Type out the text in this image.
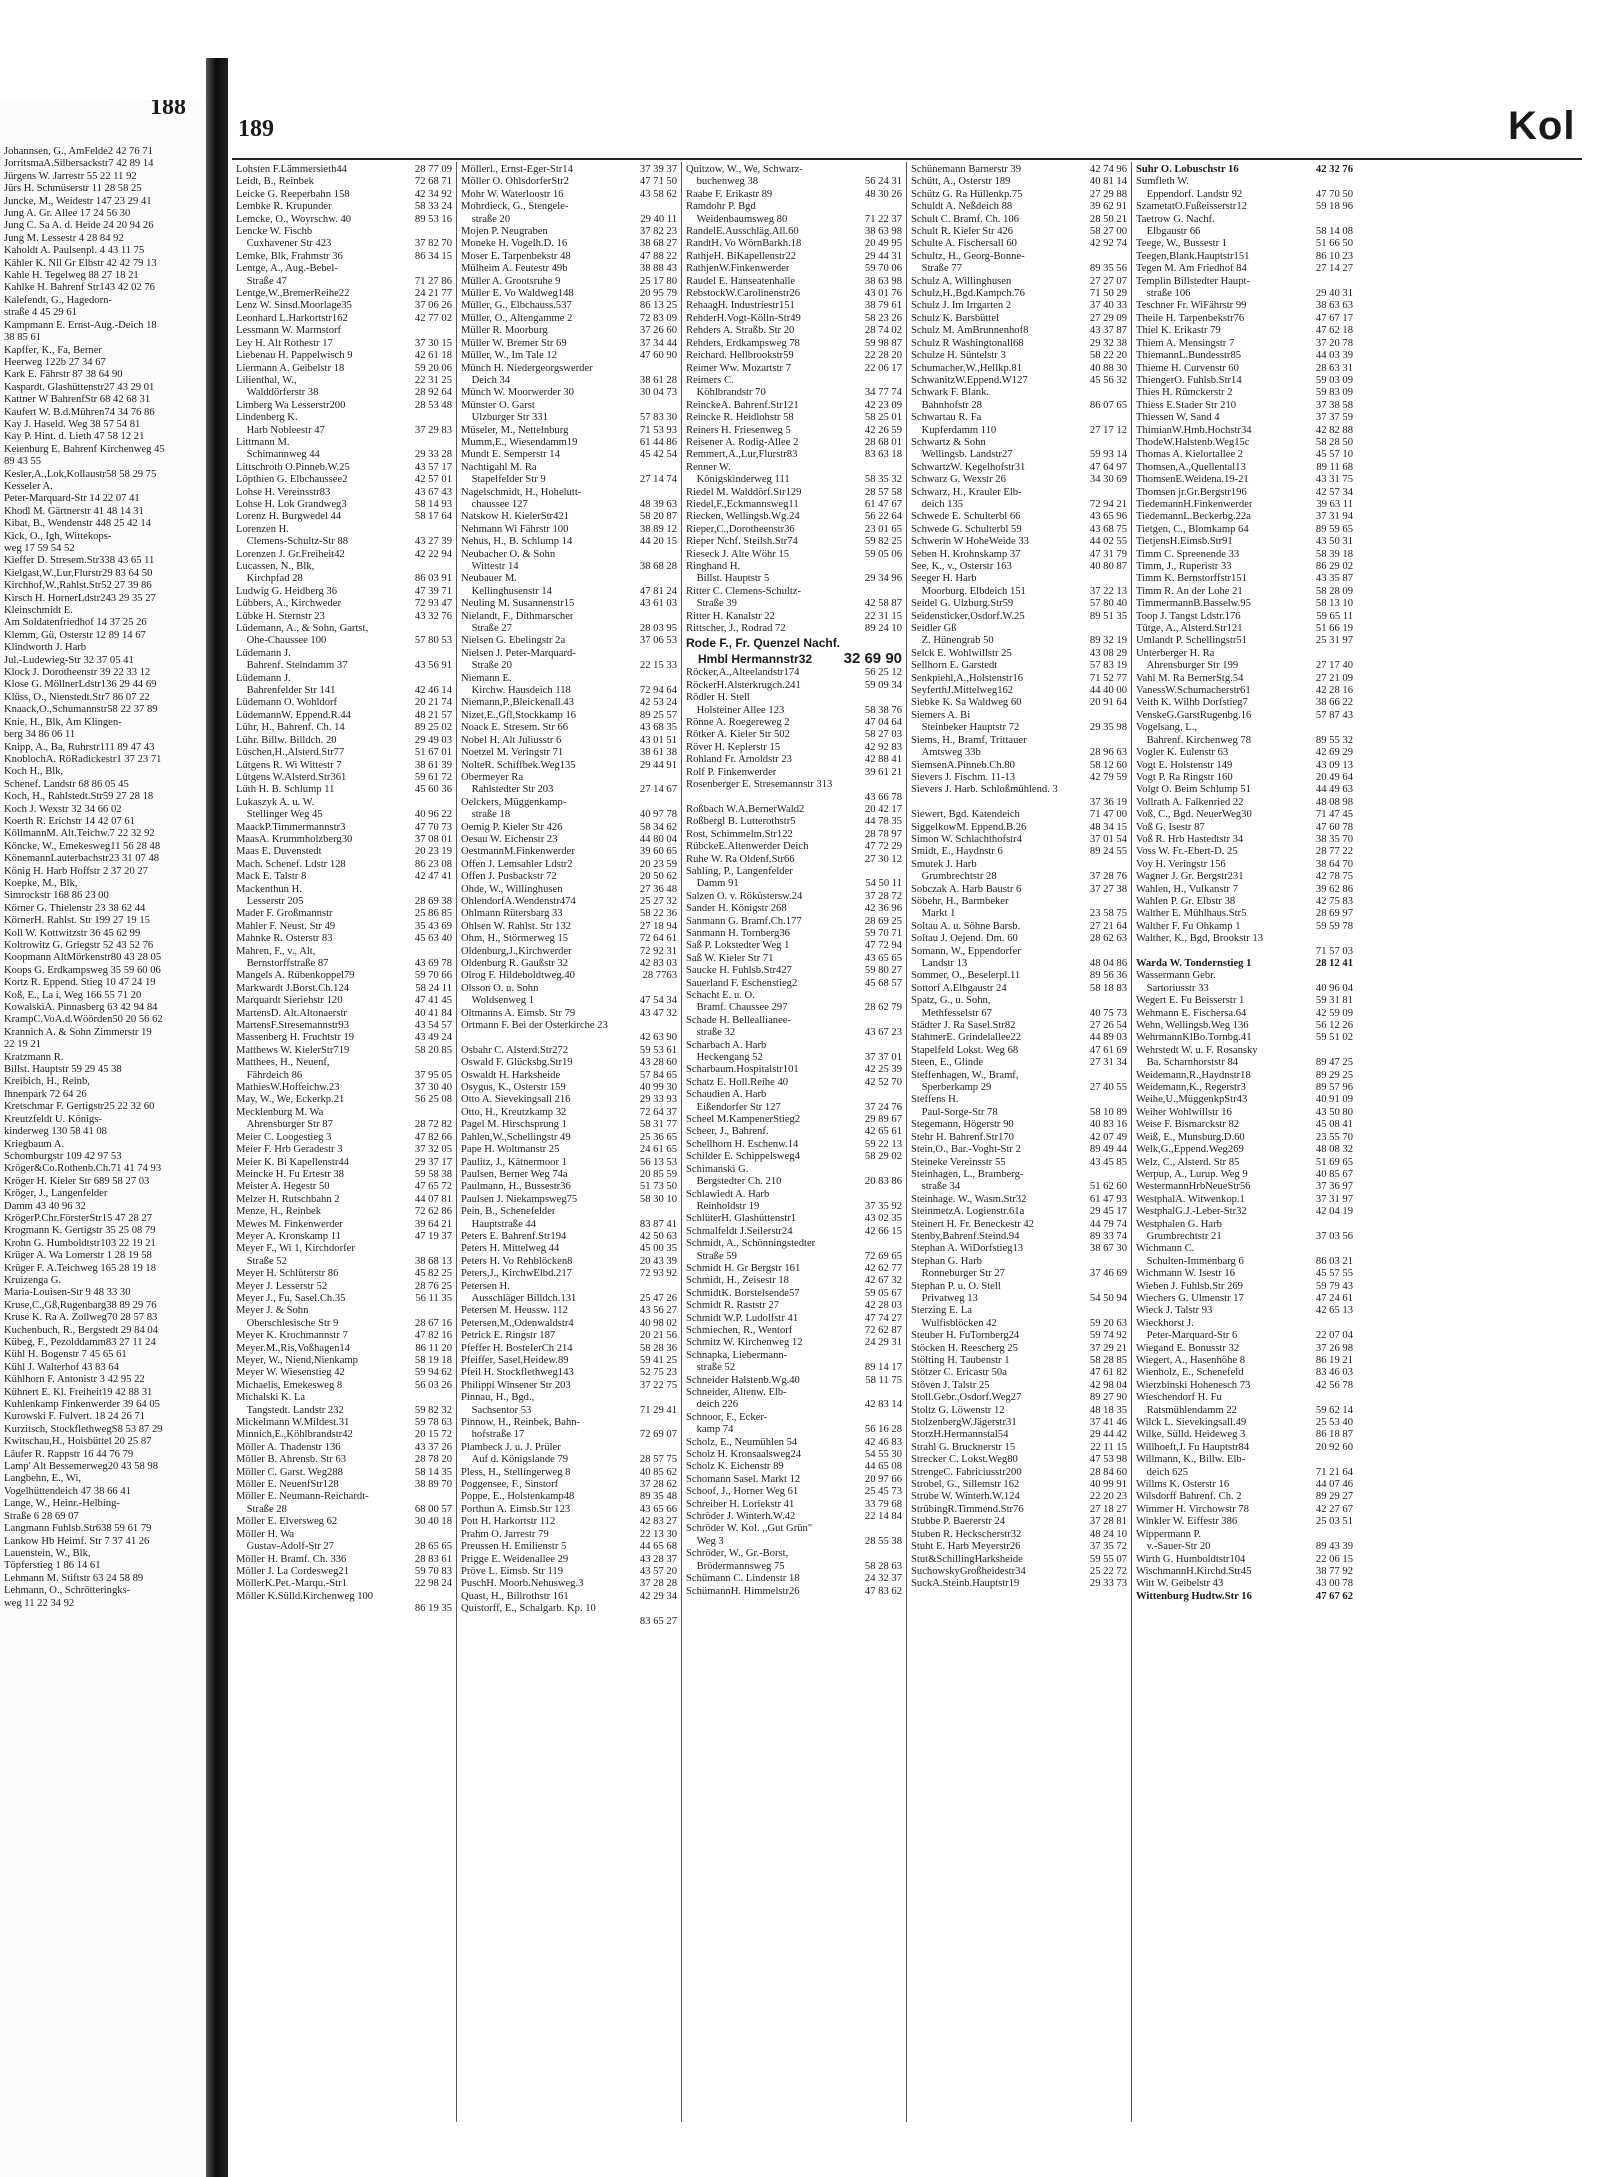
188
Johannsen, G., AmFelde2 42 76 71
JorritsmaA.Silbersackstr7 42 89 14
Jürgens W. Jarrestr 55 22 11 92
Jürs H. Schmüserstr 11 28 58 25
Juncke, M., Weidestr 147 23 29 41
Jung A. Gr. Allee 17 24 56 30
Jung C. Sa A. d. Heide 24 20 94 26
Jung M. Lessestr 4 28 84 92
Kaholdt A. Paulsenpl. 4 43 11 75
Kähler K. Nll Gr Elbstr 42 42 79 13
Kahle H. Tegelweg 88 27 18 21
Kahlke H. Bahrenf Str143 42 02 76
Kalefendt, G., Hagedorn-
straße 4 45 29 61
Kampmann E. Ernst-Aug.-Deich 18
38 85 61
Kapffer, K., Fa, Berner
Heerweg 122b 27 34 67
Kark E. Fährstr 87 38 64 90
Kaspardt. Glashüttenstr27 43 29 01
Kattner W BahrenfStr 68 42 68 31
Kaufert W. B.d.Mühren74 34 76 86
Kay J. Haseld. Weg 38 57 54 81
Kay P. Hint. d. Lieth 47 58 12 21
Keienburg E. Bahrenf Kirchenweg 45
89 43 55
Kesler,A.,Lok,Kollaustr58 58 29 75
Kesseler A.
Peter-Marquard-Str 14 22 07 41
Khodl M. Gärtnerstr 41 48 14 31
Kibat, B., Wendenstr 448 25 42 14
Kick, O., Igh, Wittekops-
weg 17 59 54 52
Kieffer D. Stresem.Str338 43 65 11
Kielgast,W.,Lur,Flurstr29 83 64 50
Kirchhof,W.,Rahlst.Str52 27 39 86
Kirsch H. HornerLdstr243 29 35 27
Kleinschmidt E.
Am Soldatenfriedhof 14 37 25 26
Klemm, Gü, Osterstr 12 89 14 67
Klindworth J. Harb
Jul.-Ludewieg-Str 32 37 05 41
Klock J. Dorotheenstr 39 22 33 12
Klose G. MöllnerLdstr136 29 44 69
Klüss, O., Nienstedt.Str7 86 07 22
Knaack,O.,Schumannstr58 22 37 89
Knie, H., Blk, Am Klingen-
berg 34 86 06 11
Knipp, A., Ba, Ruhrstr111 89 47 43
KnoblochA. RöRadickestr1 37 23 71
Koch H., Blk,
Schenef. Landstr 68 86 05 45
Koch, H., Rahlstedt.Str59 27 28 18
Koch J. Wexstr 32 34 66 02
Koerth R. Erichstr 14 42 07 61
KöllmannM. Alt.Teichw.7 22 32 92
Köncke, W., Emekesweg11 56 28 48
KönemannLauterbachstr23 31 07 48
König H. Harb Hoffstr 2 37 20 27
Koepke, M., Blk,
Simrockstr 168 86 23 00
Körner G. Thielenstr 23 38 62 44
KörnerH. Rahlst. Str 199 27 19 15
Koll W. Kottwitzstr 36 45 62 99
Koltrowitz G. Griegstr 52 43 52 76
Koopmann AltMörkenstr80 43 28 05
Koops G. Erdkampsweg 35 59 60 06
Kortz R. Eppend. Stieg 10 47 24 19
Koß, E., La i, Weg 166 55 71 20
KowalskiA. Pinnasberg 63 42 94 84
KrampC.VoA.d.Wöörden50 20 56 62
Krannich A. & Sohn Zimmerstr 19
22 19 21
Kratzmann R.
Billst. Hauptstr 59 29 45 38
Kreibich, H., Reinb,
Ihnenpark 72 64 26
Kretschmar F. Gertigstr25 22 32 60
Kreutzfeldt U. Königs-
kinderweg 130 58 41 08
Kriegbaum A.
Schomburgstr 109 42 97 53
Kröger&Co.Rothenb.Ch.71 41 74 93
Kröger H. Kieler Str 689 58 27 03
Kröger, J., Langenfelder
Damm 43 40 96 32
KrögerP.Chr.FörsterStr15 47 28 27
Krogmann K. Gertigstr 35 25 08 79
Krohn G. Humboldtstr103 22 19 21
Krüger A. Wa Lomerstr 1 28 19 58
Krüger F. A.Teichweg 165 28 19 18
Kruizenga G.
Maria-Louisen-Str 9 48 33 30
Kruse,C.,Gß,Rugenbarg38 89 29 76
Kruse K. Ra A. Zollweg70 28 57 83
Kuchenbuch, R., Bergstedt 29 84 04
Kübeg, F., Pezolddamm83 27 11 24
Kühl H. Bogenstr 7 45 65 61
Kühl J. Walterhof 43 83 64
Kühlhorn F. Antonistr 3 42 95 22
Kühnert E. Kl. Freiheit19 42 88 31
Kuhlenkamp Finkenwerder 39 64 05
Kurowski F. Fulvert. 18 24 26 71
Kurzitsch, StockflethwegS8 53 87 29
Kwitschau,H., Hoisbüttel 20 25 87
Läufer R. Rappstr 16 44 76 79
Lamp' Alt Bessemerweg20 43 58 98
Langbehn, E., Wi,
Vogelhüttendeich 47 38 66 41
Lange, W., Heinr.-Helbing-
Straße 6 28 69 07
Langmann Fuhlsb.Str638 59 61 79
Lankow Hb Heimf. Str 7 37 41 26
Lauenstein, W., Blk,
Töpferstieg 1 86 14 61
Lehmann M. Stiftstr 63 24 58 89
Lehmann, O., Schrötteringks-
weg 11 22 34 92
189	Kol
Lohsten F.Lämmersieth44	28 77 09
Leidt, B., Reinbek	72 68 71
Leicke G. Reeperbahn 158	42 34 92
Lembke R. Krupunder	58 33 24
Lemcke, O., Woyrschw. 40	89 53 16
Lencke W. Fischb
 Cuxhavener Str 423	37 82 70
Lemke, Blk, Frahmstr 36	86 34 15
Lentge, A., Aug.-Bebel-
 Straße 47	71 27 86
Lentge,W.,BremerReihe22	24 21 77
Lenz W. Sinsd.Moorlage35	37 06 26
Leonhard L.Harkortstr162	42 77 02
Lessmann W. Marmstorf
Ley H. Alt Rothestr 17	37 30 15
Liebenau H. Pappelwisch 9	42 61 18
Liermann A. Geibelstr 18	59 20 06
Lilienthal, W.,	22 31 25
 Walddörferstr 38	28 92 64
Limberg Wa Lesserstr200	28 53 48
Lindenberg K.
 Harb Nobleestr 47	37 29 83
Littmann M.
 Schimannweg 44	29 33 28
Littschroth O.Pinneb.W.25	43 57 17
Löpthien G. Elbchaussee2	42 57 01
Lohse H. Vereinsstr83	43 67 43
Lohse H. Lok Grandweg3	58 14 93
Lorenz H. Burgwedel 44	58 17 64
Lorenzen H.
 Clemens-Schultz-Str 88	43 27 39
Lorenzen J. Gr.Freiheit42	42 22 94
Lucassen, N., Blk,
 Kirchpfad 28	86 03 91
Ludwig G. Heidberg 36	47 39 71
Lübbers, A., Kirchweder	72 93 47
Lübke H. Sternstr 23	43 32 76
Lüdemann, A., & Sohn, Gartst,
 Ohe-Chaussee 100	57 80 53
Lüdemann J.
 Bahrenf. Steindamm 37	43 56 91
Lüdemann J.
 Bahrenfelder Str 141	42 46 14
Lüdemann O. Wohldorf	20 21 74
LüdemannW. Eppend.R.44	48 21 57
Lühr, H., Bahrenf. Ch. 14	89 25 02
Lühr. Billw. Billdch. 20	29 49 03
Lüschen,H.,Alsterd.Str77	51 67 01
Lütgens R. Wi Wittestr 7	38 61 39
Lütgens W.Alsterd.Str361	59 61 72
Lüth H. B. Schlump 11	45 60 36
Lukaszyk A. u. W.
 Stellinger Weg 45	40 96 22
MaackP.Timmermannstr3	47 70 73
MaasA. Krummholzberg30	37 08 01
Maas E. Duvenstedt	20 23 19
Mach. Schenef. Ldstr 128	86 23 08
Mack E. Talstr 8	42 47 41
Mackenthun H.
 Lesserstr 205	28 69 38
Mader F. Großmannstr	25 86 85
Mahler F. Neust. Str 49	35 43 69
Mahnke R. Osterstr 83	45 63 40
Mahren, F., v., Alt,
 Bernstorffstraße 87	43 69 78
Mangels A. Rübenkoppel79	59 70 66
Markwardt J.Borst.Ch.124	58 24 11
Marquardt Sieriehstr 120	47 41 45
MartensD. Alt.Altonaerstr	40 41 84
MartensF.Stresemannstr93	43 54 57
Massenberg H. Fruchtstr 19	43 49 24
Matthews W. KielerStr719	58 20 85
Matthees, H., Neuenf,
 Fährdeich 86	37 95 05
MathiesW.Hoffeichw.23	37 30 40
May, W., We, Eckerkp.21	56 25 08
Mecklenburg M. Wa
 Ahrensburger Str 87	28 72 82
Meier C. Loogestieg 3	47 82 66
Meier F. Hrb Geradestr 3	37 32 05
Meier K. Bi Kapellenstr44	29 37 17
Meincke H. Fu Ertestr 38	59 58 38
Meister A. Hegestr 50	47 65 72
Melzer H. Rutschbahn 2	44 07 81
Menze, H., Reinbek	72 62 86
Mewes M. Finkenwerder	39 64 21
Meyer A. Kronskamp 11	47 19 37
Meyer F., Wi 1, Kirchdorfer
 Straße 52	38 68 13
Meyer H. Schlüterstr 86	45 82 25
Meyer J. Lesserstr 52	28 76 25
Meyer J., Fu, Sasel.Ch.35	56 11 35
Meyer J. & Sohn
 Oberschlesische Str 9	28 67 16
Meyer K. Krochmannstr 7	47 82 16
Meyer.M.,Ris,Voßhagen14	86 11 20
Meyer, W., Niend,Nienkamp	58 19 18
Meyer W. Wiesenstieg 42	59 94 62
Michaelis, Emekesweg 8	56 03 26
Michalski K. La
 Tangstedt. Landstr 232	59 82 32
Mickelmann W.Mildest.31	59 78 63
Minnich,E.,Köhlbrandstr42	20 15 72
Möller A. Thadenstr 136	43 37 26
Möller B. Ahrensb. Str 63	28 78 20
Möller C. Garst. Weg288	58 14 35
Möller E. NeuenfStr128	38 89 70
Möller E. Neumann-Reichardt-
 Straße 28	68 00 57
Möller E. Elversweg 62	30 40 18
Möller H. Wa
 Gustav-Adolf-Str 27	28 65 65
Möller H. Bramf. Ch. 336	28 83 61
Möller J. La Cordesweg21	59 70 83
MöllerK.Pet.-Marqu.-Str1	22 98 24
Möller K.Sülld.Kirchenweg 100
86 19 35
Möllerl., Ernst-Eger-Str14	37 39 37
Möller O. OhlsdorferStr2	47 71 50
Mohr W. Waterloostr 16	43 58 62
Mohrdieck, G., Stengele-
 straße 20	29 40 11
Mojen P. Neugraben	37 82 23
Moneke H. Vogelh.D. 16	38 68 27
Moser E. Tarpenbekstr 48	47 88 22
Mülheim A. Feutestr 49b	38 88 43
Müller A. Grootsruhe 9	25 17 80
Müller E. Vo Waldweg148	20 95 79
Müller, G., Elbchauss.537	86 13 25
Müller, O., Altengamme 2	72 83 09
Müller R. Moorburg	37 26 60
Müller W. Bremer Str 69	37 34 44
Müller, W., Im Tale 12	47 60 90
Münch H. Niedergeorgswerder
 Deich 34	38 61 28
Münch W. Moorwerder 30	30 04 73
Münster O. Garst
 Ulzburger Str 331	57 83 30
Müseler, M., Nettelnburg	71 53 93
Mumm,E., Wiesendamm19	61 44 86
Mundt E. Semperstr 14	45 42 54
Nachtigahl M. Ra
 Stapelfelder Str 9	27 14 74
Nagelschmidt, H., Hohelutt-
 chaussee 127	48 39 63
Natskow H. KielerStr421	58 20 87
Nehmann Wi Fährstr 100	38 89 12
Nehus, H., B. Schlump 14	44 20 15
Neubacher O. & Sohn
 Wittestr 14	38 68 28
Neubauer M.
 Kellinghusenstr 14	47 81 24
Neuling M. Susannenstr15	43 61 03
Nielandt, F., Dithmarscher
 Straße 27	28 03 95
Nielsen G. Ebelingstr 2a	37 06 53
Nielsen J. Peter-Marquard-
 Straße 20	22 15 33
Niemann E.
 Kirchw. Hausdeich 118	72 94 64
Niemann,P.,Bleickenall.43	42 53 24
Nizet,E.,Gfl,Stockkamp 16	89 25 57
Noack E. Stresem. Str 66	43 68 35
Nobel H. Alt Juliusstr 6	43 01 51
Noetzel M. Veringstr 71	38 61 38
NolteR. Schiffbek.Weg135	29 44 91
Obermeyer Ra
 Rahlstedter Str 203	27 14 67
Oelckers, Müggenkamp-
 straße 18	40 97 78
Oemig P. Kieler Str 426	58 34 62
Oesau W. Eichenstr 23	44 80 04
OestmannM.Finkenwerder	39 60 65
Offen J. Lemsahler Ldstr2	20 23 59
Offen J. Pusbackstr 72	20 50 62
Ohde, W., Willinghusen	27 36 48
OhlendorfA.Wendenstr474	25 27 32
Ohlmann Rütersbarg 33	58 22 36
Ohlsen W. Rahlst. Str 132	27 18 94
Ohm, H., Störmerweg 15	72 64 61
Oldenburg,J.,Kirchwerder	72 92 31
Oldenburg R. Gaußstr 32	42 83 03
Olrog F. Hildeboldtweg.40	28 7763
Olsson O. u. Sohn
 Woldsenweg 1	47 54 34
Oltmanns A. Eimsb. Str 79	43 47 32
Ortmann F. Bei der Osterkirche 23
42 63 90
Osbahr C. Alsterd.Str272	59 53 61
Oswald F. Glücksbg.Str19	43 28 60
Oswaldt H. Harksheide	57 84 65
Osygus, K., Osterstr 159	40 99 30
Otto A. Sievekingsall 216	29 33 93
Otto, H., Kreutzkamp 32	72 64 37
Pagel M. Hirschsprung 1	58 31 77
Pahlen,W.,Schellingstr 49	25 36 65
Pape H. Woltmanstr 25	24 61 65
Paulitz, J., Kätnermoor 1	56 13 53
Paulsen, Berner Weg 74a	20 85 59
Paulmann, H., Bussestr36	51 73 50
Paulsen J. Niekampsweg75	58 30 10
Pein, B., Schenefelder
 Hauptstraße 44	83 87 41
Peters E. Bahrenf.Str194	42 50 63
Peters H. Mittelweg 44	45 00 35
Peters H. Vo Rehblöcken8	20 43 39
Peters,J., KirchwElbd.217	72 93 92
Petersen H.
 Ausschläger Billdch.131	25 47 26
Petersen M. Heussw. 112	43 56 27
Petersen,M.,Odenwaldstr4	40 98 02
Petrick E. Ringstr 187	20 21 56
Pfeffer H. BosteIerCh 214	58 28 36
Pfeiffer, Sasel,Heidew.89	59 41 25
Pfeil H. Stockflethweg143	52 75 23
Philippi Winsener Str 203	37 22 75
Pinnau, H., Bgd.,
 Sachsentor 53	71 29 41
Pinnow, H., Reinbek, Bahn-
 hofstraße 17	72 69 07
Plambeck J. u. J. Prüler
 Auf d. Königslande 79	28 57 75
Pless, H., Stellingerweg 8	40 85 62
Poggensee, F., Sinstorf	37 28 62
Poppe, E., Holstenkamp48	89 35 48
Porthun A. Eimsb.Str 123	43 65 66
Pott H. Harkortstr 112	42 83 27
Prahm O. Jarrestr 79	22 13 30
Preussen H. Emilienstr 5	44 65 68
Prigge E. Weidenallee 29	43 28 37
Pröve L. Eimsb. Str 119	43 57 20
PuschH. Moorb.Nehusweg.3	37 28 28
Quast, H., Billrothstr 161	42 29 34
Quistorff, E., Schalgarb. Kp. 10
83 65 27
Quitzow, W., We, Schwarz-
 buchenweg 38	56 24 31
Raabe F. Erikastr 89	48 30 26
Ramdohr P. Bgd
 Weidenbaumsweg 80	71 22 37
RandelE.Ausschläg.All.60	38 63 98
RandtH. Vo WörnBarkh.18	20 49 95
RathjeH. BiKapellenstr22	29 44 31
RathjenW.Finkenwerder	59 70 06
Raudel E. Hanseatenhalle	38 63 98
RebstockW.Carolinenstr26	43 01 76
RehaagH. Industriestr151	38 79 61
RehderH.Vogt-Kölln-Str49	58 23 26
Rehders A. Straßb. Str 20	28 74 02
Rehders, Erdkampsweg 78	59 98 87
Reichard. Hellbrookstr59	22 28 20
Reimer Ww. Mozartstr 7	22 06 17
Reimers C.
 Köhlbrandstr 70	34 77 74
ReinckeA. Bahrenf.Str121	42 23 09
Reincke R. Heidlohstr 58	58 25 01
Reiners H. Friesenweg 5	42 26 59
Reisener A. Rodig-Allee 2	28 68 01
Remmert,A.,Lur,Flurstr83	83 63 18
Renner W.
 Königskinderweg 111	58 35 32
Riedel M. Walddörf.Str129	28 57 58
Riedel,F.,Eckmannsweg11	61 47 67
Riecken, Wellingsb.Wg.24	56 22 64
Rieper,C.,Dorotheenstr36	23 01 65
Rieper Nchf. Steilsh.Str74	59 82 25
Rieseck J. Alte Wöhr 15	59 05 06
Ringhand H.
 Billst. Hauptstr 5	29 34 96
Ritter C. Clemens-Schultz-
 Straße 39	42 58 87
Ritter H. Kanalstr 22	22 31 15
Rittscher, J., Rodrad 72	89 24 10
Rode F., Fr. Quenzel Nachf.
 Hmbl Hermannstr32 32 69 90
Röcker,A.,Alteelandstr174	56 25 12
RöckerH.Alsterkrugch.241	59 09 34
Rödler H. Stell
 Holsteiner Allee 123	58 38 76
Rönne A. Roegereweg 2	47 04 64
Rötker A. Kieler Str 502	58 27 03
Röver H. Keplerstr 15	42 92 83
Rohland Fr. Arnoldstr 23	42 88 41
Rolf P. Finkenwerder	39 61 21
Rosenberger E. Stresemannstr 313
43 66 78
Roßbach W.A.BernerWald2	20 42 17
Roßbergl B. Lutterothstr5	44 78 35
Rost, Schimmelm.Str122	28 78 97
RübckeE.Altenwerder Deich	47 72 29
Ruhe W. Ra Oldenf.Str66	27 30 12
Sahling, P., Langenfelder
 Damm 91	54 50 11
Salzen O. v. Röküstersw.24	37 28 72
Sander H. Königstr 268	42 36 96
Sanmann G. Bramf.Ch.177	28 69 25
Sanmann H. Tornberg36	59 70 71
Saß P. Lokstedter Weg 1	47 72 94
Saß W. Kieler Str 71	43 65 65
Saucke H. Fuhlsb.Str427	59 80 27
Sauerland F. Eschenstieg2	45 68 57
Schacht E. u. O.
 Bramf. Chaussee 297	28 62 79
Schade H. Belleallianee-
 straße 32	43 67 23
Scharbach A. Harb
 Heckengang 52	37 37 01
Scharbaum.Hospitalstr101	42 25 39
Schatz E. Holl.Reihe 40	42 52 70
Schaudien A. Harb
 Eißendorfer Str 127	37 24 76
Scheel M.KampenerStieg2	29 89 67
Scheer, J., Bahrenf.	42 65 61
Schellhorn H. Eschenw.14	59 22 13
Schilder E. Schippelsweg4	58 29 02
Schimanski G.
 Bergstedter Ch. 210	20 83 86
Schlawiedt A. Harb
 Reinholdstr 19	37 35 92
SchlüterH. Glashüttenstr1	43 02 35
Schmalfeldt J.Seilerstr24	42 66 15
Schmidt, A., Schönningstedter
 Straße 59	72 69 65
Schmidt H. Gr Bergstr 161	42 62 77
Schmidt, H., Zeisestr 18	42 67 32
SchmidtK. Borstelsende57	59 05 67
Schmidt R. Raststr 27	42 28 03
Schmidt W.P. Ludolfstr 41	47 74 27
Schmiechen, R., Wentorf	72 62 87
Schmitz W. Kirchenweg 12	24 29 31
Schnapka, Liebermann-
 straße 52	89 14 17
Schneider Halstenb.Wg.40	58 11 75
Schneider, Altenw. Elb-
 deich 226	42 83 14
Schnoor, F., Ecker-
 kamp 74	56 16 28
Scholz, E., Neumühlen 54	42 46 83
Scholz H. Kronsaalsweg24	54 55 30
Scholz K. Eichenstr 89	44 65 08
Schomann Sasel. Markt 12	20 97 66
Schoof, J., Horner Weg 61	25 45 73
Schreiber H. Loriekstr 41	33 79 68
Schröder J. Winterh.W.42	22 14 84
Schröder W. Kol. ,,Gut Grün"
 Weg 3	28 55 38
Schröder, W., Gr.-Borst,
 Brödermannsweg 75	58 28 63
Schümann C. Lindenstr 18	24 32 37
SchümannH. Himmelstr26	47 83 62
Schünemann Barnerstr 39	42 74 96
Schütt, A., Osterstr 189	40 81 14
Schütz G. Ra Hüllenkp.75	27 29 88
Schuldt A. Neßdeich 88	39 62 91
Schult C. Bramf. Ch. 106	28 50 21
Schult R. Kieler Str 426	58 27 00
Schulte A. Fischersall 60	42 92 74
Schultz, H., Georg-Bonne-
 Straße 77	89 35 56
Schulz A. Willinghusen	27 27 07
Schulz,H.,Bgd.Kampch.76	71 50 29
Schulz J. Im Irrgarten 2	37 40 33
Schulz K. Barsbüttel	27 29 09
Schulz M. AmBrunnenhof8	43 37 87
Schulz R Washingtonall68	29 32 38
Schulze H. Süntelstr 3	58 22 20
Schumacher,W.,Hellkp.81	40 88 30
SchwanitzW.Eppend.W127	45 56 32
Schwark F. Blank.
 Bahnhofstr 28	86 07 65
Schwartau R. Fa
 Kupferdamm 110	27 17 12
Schwartz & Sohn
 Wellingsb. Landstr27	59 93 14
SchwartzW. Kegelhofstr31	47 64 97
Schwarz G. Wexstr 26	34 30 69
Schwarz, H., Krauler Elb-
 deich 135	72 94 21
Schwede E. Schulterbl 66	43 65 96
Schwede G. Schulterbl 59	43 68 75
Schwerin W HoheWeide 33	44 02 55
Seben H. Krohnskamp 37	47 31 79
See, K., v., Osterstr 163	40 80 87
Seeger H. Harb
 Moorburg. Elbdeich 151	37 22 13
Seidel G. Ulzburg.Str59	57 80 40
Seidensticker,Osdorf.W.25	89 51 35
Seidler Gß
 Z. Hünengrab 50	89 32 19
Selck E. Wohlwillstr 25	43 08 29
Sellhorn E. Garstedt	57 83 19
Senkpiehl,A.,Holstenstr16	71 52 77
SeyferthJ.Mittelweg162	44 40 00
Siebke K. Sa Waldweg 60	20 91 64
Siemers A. Bi
 Steinbeker Hauptstr 72	29 35 98
Siems, H., Bramf, Trittauer
 Amtsweg 33b	28 96 63
SiemsenA.Pinneb.Ch.80	58 12 60
Sievers J. Fischm. 11-13	42 79 59
Sievers J. Harb. Schloßmühlend. 3
37 36 19
Siewert, Bgd. Katendeich	71 47 00
SiggelkowM. Eppend.B.26	48 34 15
Simon W. Schlachthofstr4	37 01 54
Smidt, E., Haydnstr 6	89 24 55
Smutek J. Harb
 Grumbrechtstr 28	37 28 76
Sobczak A. Harb Baustr 6	37 27 38
Söbehr, H., Barmbeker
 Markt 1	23 58 75
Soltau A. u. Söhne Barsb.	27 21 64
Soltau J. Oejend. Dm. 60	28 62 63
Somann, W., Eppendorfer
 Landstr 13	48 04 86
Sommer, O., Beselerpl.11	89 56 36
Sottorf A.Elbgaustr 24	58 18 83
Spatz, G., u. Sohn,
 Methfesselstr 67	40 75 73
Städter J. Ra Sasel.Str82	27 26 54
StahmerE. Grindelallee22	44 89 03
Stapelfeld Lokst. Weg 68	47 61 69
Steen, E., Glinde	27 31 34
Steffenhagen, W., Bramf,
 Sperberkamp 29	27 40 55
Steffens H.
 Paul-Sorge-Str 78	58 10 89
Stegemann, Högerstr 90	40 83 16
Stehr H. Bahrenf.Str170	42 07 49
Stein,O., Bar.-Voght-Str 2	89 49 44
Steineke Vereinsstr 55	43 45 85
Steinhagen, L., Bramberg-
 straße 34	51 62 60
Steinhage. W., Wasm.Str32	61 47 93
SteinmetzA. Logienstr.61a	29 45 17
Steinert H. Fr. Beneckestr 42	44 79 74
Stenby,Bahrenf.Steind.94	89 33 74
Stephan A. WiDorfstieg13	38 67 30
Stephan G. Harb
 Ronneburger Str 27	37 46 69
Stephan P. u. O. Stell
 Privatweg 13	54 50 94
Sterzing E. La
 Wulfisblöcken 42	59 20 63
Steuber H. FuTornberg24	59 74 92
Stöcken H. Reescherg 25	37 29 21
Stölting H. Taubenstr 1	58 28 85
Stötzer C. Ericastr 50a	47 61 82
Stöven J. Talstr 25	42 98 04
Stoll.Gebr.,Osdorf.Weg27	89 27 90
Stoltz G. Löwenstr 12	48 18 35
StolzenbergW.Jägerstr31	37 41 46
StorzH.Hermannstal54	29 44 42
Strahl G. Brucknerstr 15	22 11 15
Strecker C. Lokst.Weg80	47 53 98
StrengeC. Fabriciusstr200	28 84 60
Strobel, G., Sillemstr 162	40 99 91
Strube W. Winterh.W.124	22 20 23
StrübingR.Timmend.Str76	27 18 27
Stubbe P. Baererstr 24	37 28 81
Stuben R. Heckscherstr32	48 24 10
Stuht E. Harb Meyerstr26	37 35 72
Stut&SchillingHarksheide	59 55 07
SuchowskyGroßheidestr34	25 22 72
SuckA.Steinb.Hauptstr19	29 33 73
Suhr O. Lobuschstr 16	42 32 76
Sumfleth W.
 Eppendorf. Landstr 92	47 70 50
SzametatO.Fußeisserstr12	59 18 96
Taetrow G. Nachf.
 Elbgaustr 66	58 14 08
Teege, W., Bussestr 1	51 66 50
Teegen,Blank.Hauptstr151	86 10 23
Tegen M. Am Friedhof 84	27 14 27
Templin Billstedter Haupt-
 straße 106	29 40 31
Teschner Fr. WiFährstr 99	38 63 63
Theile H. Tarpenbekstr76	47 67 17
Thiel K. Erikastr 79	47 62 18
Thiem A. Mensingstr 7	37 20 78
ThiemannL.Bundesstr85	44 03 39
Thieme H. Curvenstr 60	28 63 31
ThiengerO. Fuhlsb.Str14	59 03 09
Thies H. Rümckerstr 2	59 83 09
Thiess E.Stader Str 210	37 38 58
Thiessen W. Sand 4	37 37 59
ThimianW.Hmb.Hochstr34	42 82 88
ThodeW.Halstenb.Weg15c	58 28 50
Thomas A. Kielortallee 2	45 57 10
Thomsen,A.,Quellental13	89 11 68
ThomsenE.Weidena.19-21	43 31 75
Thomsen jr.Gr.Bergstr196	42 57 34
TiedemannH.Finkenwerder	39 63 11
TiedemannL.Beckerbg.22a	37 31 94
Tietgen, C., Blomkamp 64	89 59 65
TietjensH.Eimsb.Str91	43 50 31
Timm C. Spreenende 33	58 39 18
Timm, J., Ruperistr 33	86 29 02
Timm K. Bernstorffstr151	43 35 87
Timm R. An der Lohe 21	58 28 09
TimmermannB.Basselw.95	58 13 10
Toop J. Tangst Ldstr.176	59 65 11
Tütge, A., Alsterd.Str121	51 66 19
Umlandt P. Schellingstr51	25 31 97
Unterberger H. Ra
 Ahrensburger Str 199	27 17 40
Vahl M. Ra BernerStg.54	27 21 09
VanessW.Schumacherstr61	42 28 16
Veith K. Wilhb Dorfstieg7	38 66 22
VenskeG.GarstRugenbg.16	57 87 43
Vogelsang, L.,
 Bahrenf. Kirchenweg 78	89 55 32
Vogler K. Eulenstr 63	42 69 29
Vogt E. Holstenstr 149	43 09 13
Vogt P. Ra Ringstr 160	20 49 64
Volgt O. Beim Schlump 51	44 49 63
Vollrath A. Falkenried 22	48 08 98
Voß, C., Bgd. NeuerWeg30	71 47 45
Voß G. Isestr 87	47 60 78
Voß R. Hrb Hastedtstr 34	38 35 70
Voss W. Fr.-Ebert-D. 25	28 77 22
Voy H. Veringstr 156	38 64 70
Wagner J. Gr. Bergstr231	42 78 75
Wahlen, H., Vulkanstr 7	39 62 86
Wahlen P. Gr. Elbstr 38	42 75 83
Walther E. Mühlhaus.Str5	28 69 97
Walther F. Fu Ohkamp 1	59 59 78
Walther, K., Bgd, Brookstr 13
71 57 03
Warda W. Tondernstieg 1	28 12 41
Wassermann Gebr.
 Sartoriusstr 33	40 96 04
Wegert E. Fu Beisserstr 1	59 31 81
Wehmann E. Fischersa.64	42 59 09
Wehn, Wellingsb.Weg 136	56 12 26
WehrmannKlBo.Tornbg.41	59 51 02
Wehrstedt W. u. F. Rosansky
 Ba. Scharnhorststr 84	89 47 25
Weidemann,R.,Haydnstr18	89 29 25
Weidemann,K., Regerstr3	89 57 96
Weihe,U.,MüggenkpStr43	40 91 09
Weiher Wohlwillstr 16	43 50 80
Weise F. Bismarckstr 82	45 08 41
Weiß, E., Munsburg.D.60	23 55 70
Welk,G.,Eppend.Weg269	48 08 32
Welz, C., Alsterd. Str 85	51 69 65
Werpup, A., Lurup. Weg 9	40 85 67
WestermannHrbNeueStr56	37 36 97
WestphalA. Witwenkop.1	37 31 97
WestphalG.J.-Leber-Str32	42 04 19
Westphalen G. Harb
 Grumbrechtstr 21	37 03 56
Wichmann C.
 Schulten-Immenbarg 6	86 03 21
Wichmann W. Isestr 16	45 57 55
Wieben J. Fuhlsb.Str 269	59 79 43
Wiechers G. Ulmenstr 17	47 24 61
Wieck J. Talstr 93	42 65 13
Wieckhorst J.
 Peter-Marquard-Str 6	22 07 04
Wiegand E. Bonusstr 32	37 26 98
Wiegert, A., Hasenhöhe 8	86 19 21
Wienholz, E., Schenefeld	83 46 03
Wierzbinski Hohenesch 73	42 56 78
Wieschendorf H. Fu
 Ratsmühlendamm 22	59 62 14
Wilck L. Sievekingsall.49	25 53 40
Wilke, Sülld. Heideweg 3	86 18 87
Willhoeft,J. Fu Hauptstr84	20 92 60
Willmann, K., Billw. Elb-
 deich 625	71 21 64
Willms K. Osterstr 16	44 07 46
Wilsdorff Bahrenf. Ch. 2	89 29 27
Wimmer H. Virchowstr 78	42 27 67
Winkler W. Eiffestr 386	25 03 51
Wippermann P.
 v.-Sauer-Str 20	89 43 39
Wirth G. Humboldtstr104	22 06 15
WischmannH.Kirchd.Str45	38 77 92
Witt W. Geibelstr 43	43 00 78
Wittenburg Hudtw.Str 16	47 67 62
